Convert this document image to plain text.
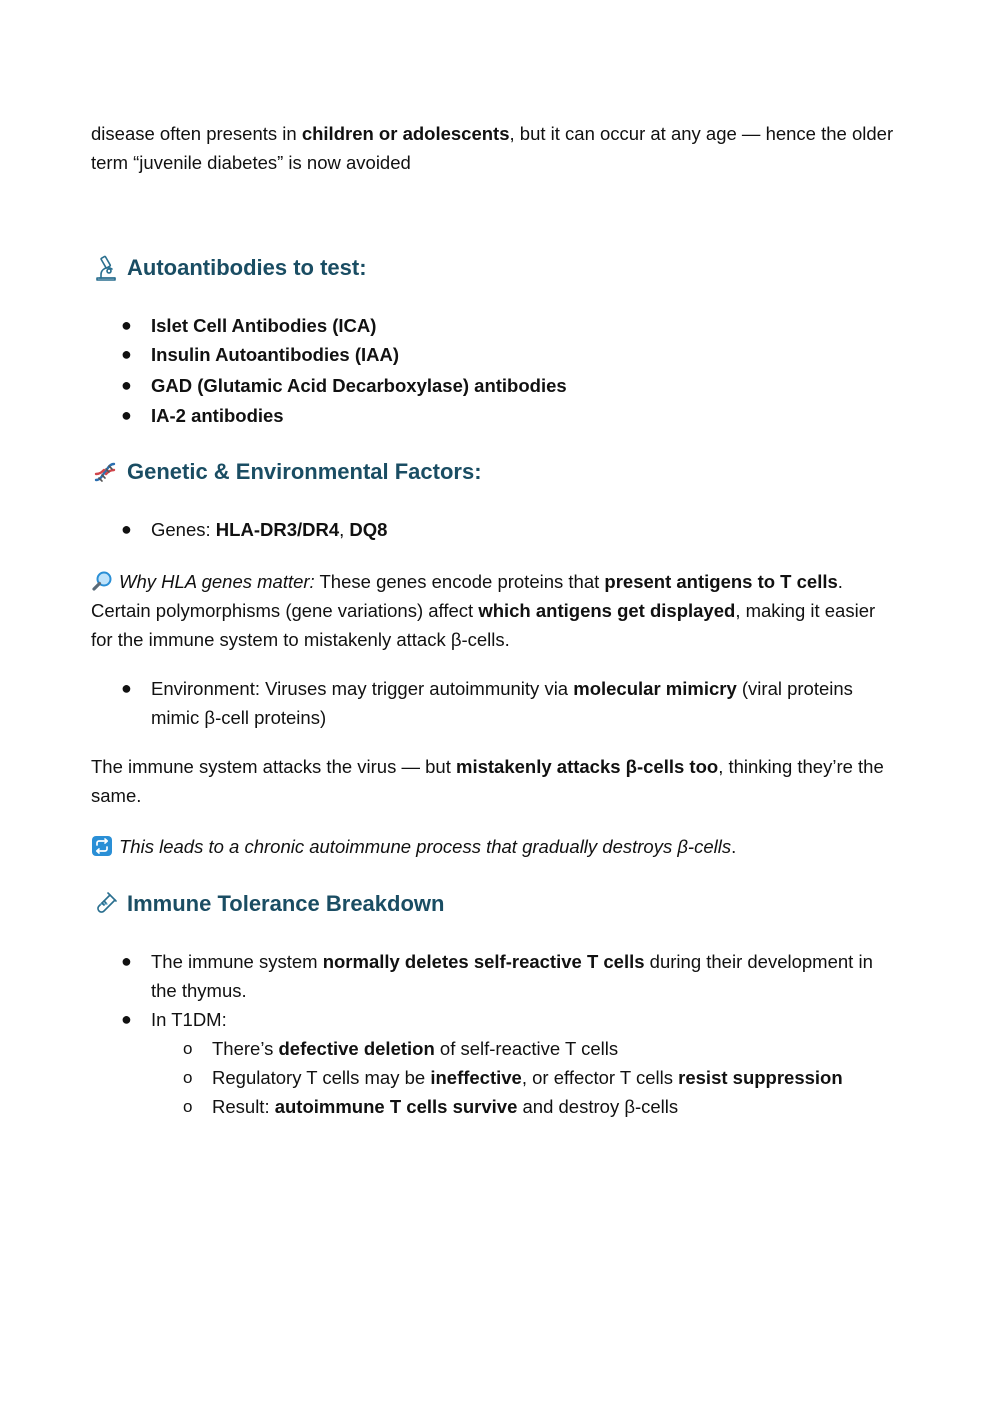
disease often presents in children or adolescents, but it can occur at any age — hence the older term “juvenile diabetes” is now avoided

Autoantibodies to test:
● Islet Cell Antibodies (ICA)
● Insulin Autoantibodies (IAA)
● GAD (Glutamic Acid Decarboxylase) antibodies
● IA-2 antibodies
Genetic & Environmental Factors:
● Genes: HLA-DR3/DR4, DQ8

Why HLA genes matter: These genes encode proteins that present antigens to T cells. Certain polymorphisms (gene variations) affect which antigens get displayed, making it easier for the immune system to mistakenly attack β-cells.

● Environment: Viruses may trigger autoimmunity via molecular mimicry (viral proteins mimic β-cell proteins)

The immune system attacks the virus — but mistakenly attacks β-cells too, thinking they’re the same.

This leads to a chronic autoimmune process that gradually destroys β-cells.

Immune Tolerance Breakdown
● The immune system normally deletes self-reactive T cells during their development in the thymus.
● In T1DM:
o There’s defective deletion of self-reactive T cells
o Regulatory T cells may be ineffective, or effector T cells resist suppression
o Result: autoimmune T cells survive and destroy β-cells
